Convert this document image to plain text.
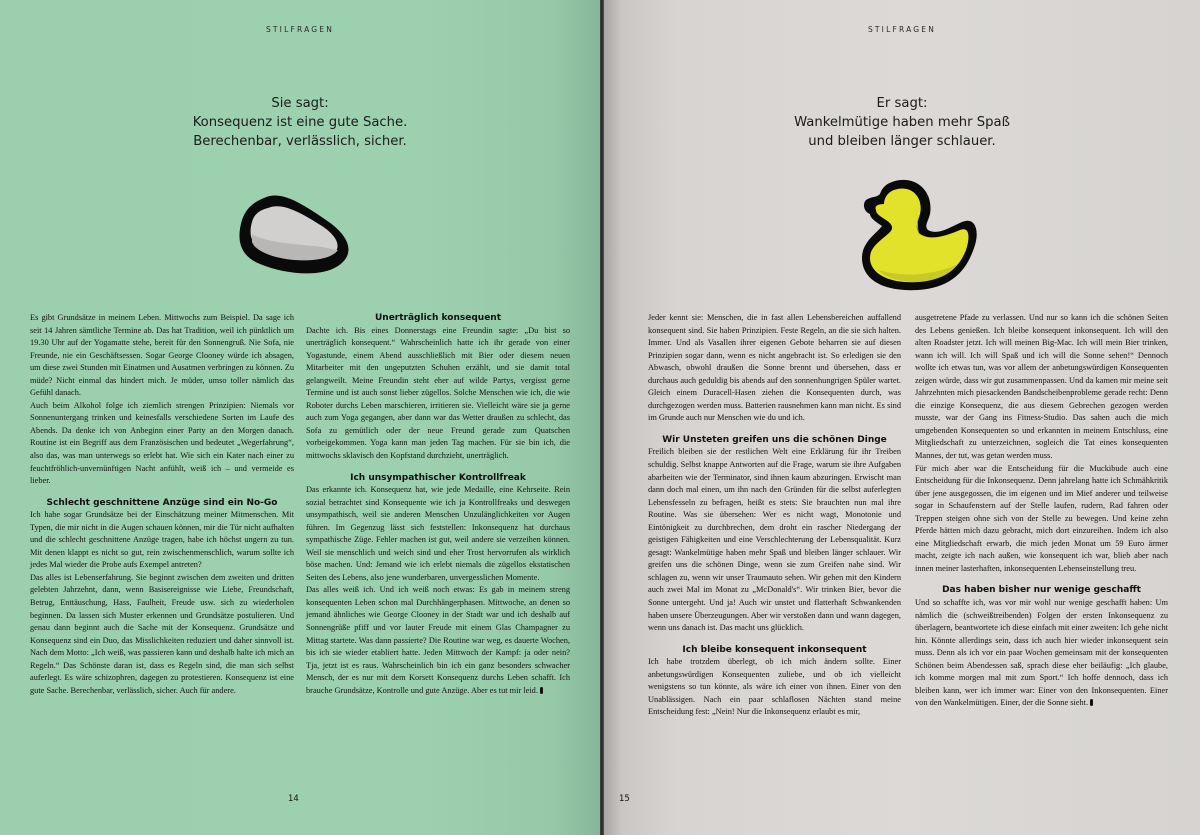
STILFRAGEN
Sie sagt:
Konsequenz ist eine gute Sache.
Berechenbar, verlässlich, sicher.

Es gibt Grundsätze in meinem Leben. Mittwochs zum Beispiel. Da sage ich seit 14 Jahren sämtliche Termine ab. Das hat Tradition, weil ich pünktlich um 19.30 Uhr auf der Yogamatte stehe, bereit für den Sonnengruß. Nie Sofa, nie Freunde, nie ein Geschäftsessen. Sogar George Clooney würde ich absagen, um diese zwei Stunden mit Einatmen und Ausatmen verbringen zu können. Zu müde? Nicht einmal das hindert mich. Je müder, umso toller nämlich das Gefühl danach.

Auch beim Alkohol folge ich ziemlich strengen Prinzipien: Niemals vor Sonnenuntergang trinken und keinesfalls verschiedene Sorten im Laufe des Abends. Da denke ich von Anbeginn einer Party an den Morgen danach. Routine ist ein Begriff aus dem Französischen und bedeutet „Wegerfahrung“, also das, was man unterwegs so erlebt hat. Wie sich ein Kater nach einer zu feuchtfröhlich-unvernünftigen Nacht anfühlt, weiß ich – und vermeide es lieber.

Schlecht geschnittene Anzüge sind ein No-Go

Ich habe sogar Grundsätze bei der Einschätzung meiner Mitmenschen. Mit Typen, die mir nicht in die Augen schauen können, mir die Tür nicht aufhalten und die schlecht geschnittene Anzüge tragen, habe ich höchst ungern zu tun. Mit denen klappt es nicht so gut, rein zwischenmenschlich, warum sollte ich jedes Mal wieder die Probe aufs Exempel antreten?

Das alles ist Lebenserfahrung. Sie beginnt zwischen dem zweiten und dritten gelebten Jahrzehnt, dann, wenn Basisereignisse wie Liebe, Freundschaft, Betrug, Enttäuschung, Hass, Faulheit, Freude usw. sich zu wiederholen beginnen. Da lassen sich Muster erkennen und Grundsätze postulieren. Und genau dann beginnt auch die Sache mit der Konsequenz. Grundsätze und Konsequenz sind ein Duo, das Misslichkeiten reduziert und daher sinnvoll ist. Nach dem Motto: „Ich weiß, was passieren kann und deshalb halte ich mich an Regeln.“ Das Schönste daran ist, dass es Regeln sind, die man sich selbst auferlegt. Es wäre schizophren, dagegen zu protestieren. Konsequenz ist eine gute Sache. Berechenbar, verlässlich, sicher. Auch für andere.

Unerträglich konsequent

Dachte ich. Bis eines Donnerstags eine Freundin sagte: „Du bist so unerträglich konsequent.“ Wahrscheinlich hatte ich ihr gerade von einer Yogastunde, einem Abend ausschließlich mit Bier oder diesem neuen Mitarbeiter mit den ungeputzten Schuhen erzählt, und sie damit total gelangweilt. Meine Freundin steht eher auf wilde Partys, vergisst gerne Termine und ist auch sonst lieber zügellos. Solche Menschen wie ich, die wie Roboter durchs Leben marschieren, irritieren sie. Vielleicht wäre sie ja gerne auch zum Yoga gegangen, aber dann war das Wetter draußen zu schlecht, das Sofa zu gemütlich oder der neue Freund gerade zum Quatschen vorbeigekommen. Yoga kann man jeden Tag machen. Für sie bin ich, die mittwochs sklavisch den Kopfstand durchzieht, unerträglich.

Ich unsympathischer Kontrollfreak

Das erkannte ich. Konsequenz hat, wie jede Medaille, eine Kehrseite. Rein sozial betrachtet sind Konsequente wie ich ja Kontrollfreaks und deswegen unsympathisch, weil sie anderen Menschen Unzulänglichkeiten vor Augen führen. Im Gegenzug lässt sich feststellen: Inkonsequenz hat durchaus sympathische Züge. Fehler machen ist gut, weil andere sie verzeihen können. Weil sie menschlich und weich sind und eher Trost hervorrufen als wirklich böse machen. Und: Jemand wie ich erlebt niemals die zügellos ekstatischen Seiten des Lebens, also jene wunderbaren, unvergesslichen Momente.

Das alles weiß ich. Und ich weiß noch etwas: Es gab in meinem streng konsequenten Leben schon mal Durchhängerphasen. Mittwoche, an denen so jemand ähnliches wie George Clooney in der Stadt war und ich deshalb auf Sonnengrüße pfiff und vor lauter Freude mit einem Glas Champagner zu Mittag startete. Was dann passierte? Die Routine war weg, es dauerte Wochen, bis ich sie wieder etabliert hatte. Jeden Mittwoch der Kampf: ja oder nein? Tja, jetzt ist es raus. Wahrscheinlich bin ich ein ganz besonders schwacher Mensch, der es nur mit dem Korsett Konsequenz durchs Leben schafft. Ich brauche Grundsätze, Kontrolle und gute Anzüge. Aber es tut mir leid.

14
STILFRAGEN
Er sagt:
Wankelmütige haben mehr Spaß
und bleiben länger schlauer.

Jeder kennt sie: Menschen, die in fast allen Lebensbereichen auffallend konsequent sind. Sie haben Prinzipien. Feste Regeln, an die sie sich halten. Immer. Und als Vasallen ihrer eigenen Gebote beharren sie auf diesen Prinzipien sogar dann, wenn es nicht angebracht ist. So erledigen sie den Abwasch, obwohl draußen die Sonne brennt und übersehen, dass er durchaus auch geduldig bis abends auf den sonnenhungrigen Spüler wartet. Gleich einem Duracell-Hasen ziehen die Konsequenten durch, was durchgezogen werden muss. Batterien rausnehmen kann man nicht. Es sind im Grunde auch nur Menschen wie du und ich.

Wir Unsteten greifen uns die schönen Dinge

Freilich bleiben sie der restlichen Welt eine Erklärung für ihr Treiben schuldig. Selbst knappe Antworten auf die Frage, warum sie ihre Aufgaben abarbeiten wie der Terminator, sind ihnen kaum abzuringen. Erwischt man dann doch mal einen, um ihn nach den Gründen für die selbst auferlegten Lebensfesseln zu befragen, heißt es stets: Sie brauchten nun mal ihre Routine. Was sie übersehen: Wer es nicht wagt, Monotonie und Eintönigkeit zu durchbrechen, dem droht ein rascher Niedergang der geistigen Fähigkeiten und eine Verschlechterung der Lebensqualität. Kurz gesagt: Wankelmütige haben mehr Spaß und bleiben länger schlauer. Wir greifen uns die schönen Dinge, wenn sie zum Greifen nahe sind. Wir schlagen zu, wenn wir unser Traumauto sehen. Wir gehen mit den Kindern auch zwei Mal im Monat zu „McDonald's“. Wir trinken Bier, bevor die Sonne untergeht. Und ja! Auch wir unstet und flatterhaft Schwankenden haben unsere Überzeugungen. Aber wir verstoßen dann und wann dagegen, wenn uns danach ist. Das macht uns glücklich.

Ich bleibe konsequent inkonsequent

Ich habe trotzdem überlegt, ob ich mich ändern sollte. Einer anbetungswürdigen Konsequenten zuliebe, und ob ich vielleicht wenigstens so tun könnte, als wäre ich einer von ihnen. Einer von den Unablässigen. Nach ein paar schlaflosen Nächten stand meine Entscheidung fest: „Nein! Nur die Inkonsequenz erlaubt es mir,

ausgetretene Pfade zu verlassen. Und nur so kann ich die schönen Seiten des Lebens genießen. Ich bleibe konsequent inkonsequent. Ich will den alten Roadster jetzt. Ich will meinen Big-Mac. Ich will mein Bier trinken, wann ich will. Ich will Spaß und ich will die Sonne sehen!“ Dennoch wollte ich etwas tun, was vor allem der anbetungswürdigen Konsequenten zeigen würde, dass wir gut zusammenpassen. Und da kamen mir meine seit Jahrzehnten mich piesackenden Bandscheibenprobleme gerade recht: Denn die einzige Konsequenz, die aus diesem Gebrechen gezogen werden musste, war der Gang ins Fitness-Studio. Das sahen auch die mich umgebenden Konsequenten so und erkannten in meinem Entschluss, eine Mitgliedschaft zu unterzeichnen, sogleich die Tat eines konsequenten Mannes, der tut, was getan werden muss.

Für mich aber war die Entscheidung für die Muckibude auch eine Entscheidung für die Inkonsequenz. Denn jahrelang hatte ich Schmähkritik über jene ausgegossen, die im eigenen und im Mief anderer und teilweise sogar in Schaufenstern auf der Stelle laufen, rudern, Rad fahren oder Treppen steigen ohne sich von der Stelle zu bewegen. Und keine zehn Pferde hätten mich dazu gebracht, mich dort einzureihen. Indem ich also eine Mitgliedschaft erwarb, die mich jeden Monat um 59 Euro ärmer macht, zeigte ich nach außen, wie konsequent ich war, blieb aber nach innen meiner lasterhaften, inkonsequenten Lebenseinstellung treu.

Das haben bisher nur wenige geschafft

Und so schaffte ich, was vor mir wohl nur wenige geschafft haben: Um nämlich die (schweißtreibenden) Folgen der ersten Inkonsequenz zu überlagern, beantwortete ich diese einfach mit einer zweiten: Ich gehe nicht hin. Könnte allerdings sein, dass ich auch hier wieder inkonsequent sein muss. Denn als ich vor ein paar Wochen gemeinsam mit der konsequenten Schönen beim Abendessen saß, sprach diese eher beiläufig: „Ich glaube, ich komme morgen mal mit zum Sport.“ Ich hoffe dennoch, dass ich bleiben kann, wer ich immer war: Einer von den Inkonsequenten. Einer von den Wankelmütigen. Einer, der die Sonne sieht.

15
